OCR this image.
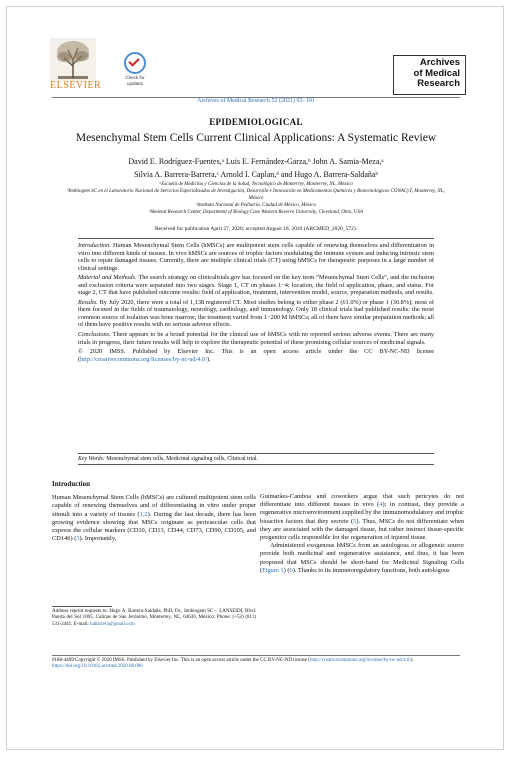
ELSEVIER
Check for
updates
Archives
of Medical
Research
Archives of Medical Research 52 (2021) 93−101
EPIDEMIOLOGICAL
Mesenchymal Stem Cells Current Clinical Applications: A Systematic Review
David E. Rodríguez-Fuentes,ᵃ Luis E. Fernández-Garza,ᵇ John A. Samia-Meza,ᵃ
Silvia A. Barrera-Barrera,ᶜ Arnold I. Caplan,ᵈ and Hugo A. Barrera-Saldañaᵇ
ᵃEscuela de Medicina y Ciencias de la Salud, Tecnológico de Monterrey, Monterrey, NL, México
ᵇInnbiogem SC en el Laboratorio Nacional de Servicios Especializados de Investigación, Desarrollo e Innovación en Medicamentos Químicos y Biotecnológicos CONACyT, Monterrey, NL, México
ᶜInstituto Nacional de Pediatría, Ciudad de México, México
ᵈSkeletal Research Center, Department of Biology Case Western Reserve University, Cleveland, Ohio, USA
Received for publication April 27, 2020; accepted August 18, 2020 (ARCMED_2020_572).

Introduction. Human Mesenchymal Stem Cells (hMSCs) are multipotent stem cells capable of renewing themselves and differentiation in vitro into different kinds of tissues. In vivo hMSCs are sources of trophic factors modulating the immune system and inducing intrinsic stem cells to repair damaged tissues. Currently, there are multiple clinical trials (CT) using hMSCs for therapeutic purposes in a large number of clinical settings.

Material and Methods. The search strategy on clinicaltrials.gov has focused on the key term “Mesenchymal Stem Cells”, and the inclusion and exclusion criteria were separated into two stages. Stage 1, CT on phases 1−4: location, the field of application, phase, and status. For stage 2, CT that have published outcome results: field of application, treatment, intervention model, source, preparation methods, and results.

Results. By July 2020, there were a total of 1,138 registered CT. Most studies belong to either phase 2 (61.0%) or phase 1 (30.8%); most of them focused in the fields of traumatology, neurology, cardiology, and immunology. Only 18 clinical trials had published results: the most common source of isolation was bone marrow; the treatment varied from 1−200 M hMSCs; all of them have similar preparation methods; all of them have positive results with no serious adverse effects.

Conclusions. There appears to be a broad potential for the clinical use of hMSCs with no reported serious adverse events. There are many trials in progress, their future results will help to explore the therapeutic potential of these promising cellular sources of medicinal signals.

© 2020 IMSS. Published by Elsevier Inc. This is an open access article under the CC BY-NC-ND license (http://creativecommons.org/licenses/by-nc-nd/4.0/).

Key Words: Mesenchymal stem cells, Medicinal signaling cells, Clinical trial.
Introduction

Human Mesenchymal Stem Cells (hMSCs) are cultured multipotent stem cells capable of renewing themselves and of differentiating in vitro under proper stimuli into a variety of tissues (1,2). During the last decade, there has been growing evidence showing that MSCs originate as perivascular cells that express the cellular markers (CD10, CD13, CD44, CD73, CD90, CD105, and CD146) (3). Importantly,

Guimarães-Camboa and coworkers argue that such pericytes do not differentiate into different tissues in vivo (4); in contrast, they provide a regenerative microenvironment supplied by the immunomodulatory and trophic bioactive factors that they secrete (5). Thus, MSCs do not differentiate when they are associated with the damaged tissue, but rather instruct tissue-specific progenitor cells responsible for the regeneration of injured tissue.

Administered exogenous hMSCs from an autologous or allogeneic source provide both medicinal and regenerative assistance, and thus, it has been proposed that MSCs should be short-hand for Medicinal Signaling Cells (Figure 1) (6). Thanks to its immunoregulatory functions, both autologous

Address reprint requests to: Hugo A. Barrera-Saldaña, PhD, Dr., Innbiogem SC − LANSEIDI, Blvd. Puerta del Sol 1005, Colinas de San Jerónimo, Monterrey, NL, 64630, México; Phone: (+52) (811) 531-2441; E-mail: habarrera@gmail.com
0188-4409/Copyright © 2020 IMSS. Published by Elsevier Inc. This is an open access article under the CC BY-NC-ND license (http://creativecommons.org/licenses/by-nc-nd/4.0/).
https://doi.org/10.1016/j.arcmed.2020.08.006
